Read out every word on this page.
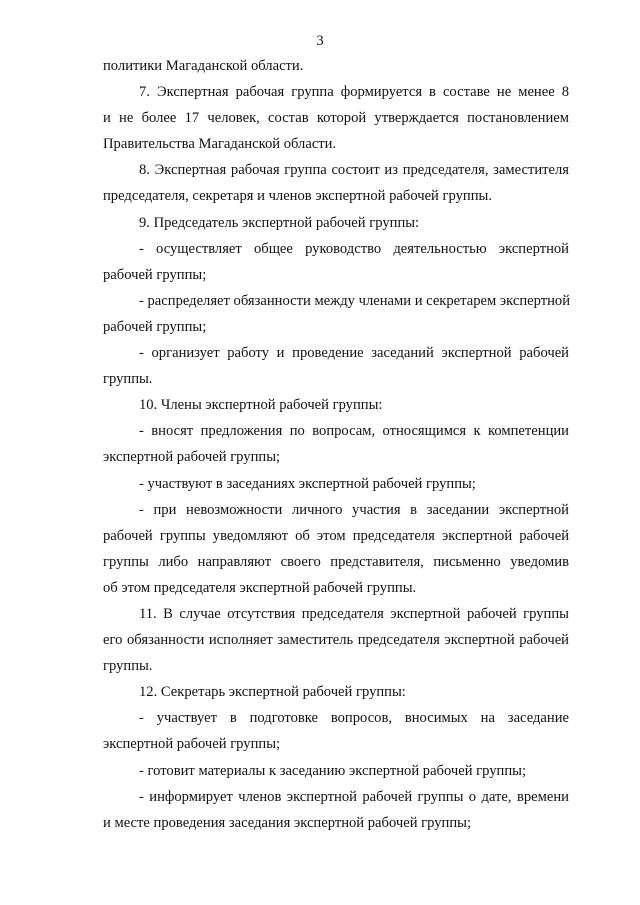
3
политики Магаданской области.
7. Экспертная рабочая группа формируется в составе не менее 8
и не более 17 человек, состав которой утверждается постановлением
Правительства Магаданской области.
8. Экспертная рабочая группа состоит из председателя, заместителя
председателя, секретаря и членов экспертной рабочей группы.
9. Председатель экспертной рабочей группы:
- осуществляет общее руководство деятельностью экспертной
рабочей группы;
- распределяет обязанности между членами и секретарем экспертной
рабочей группы;
- организует работу и проведение заседаний экспертной рабочей
группы.
10. Члены экспертной рабочей группы:
- вносят предложения по вопросам, относящимся к компетенции
экспертной рабочей группы;
- участвуют в заседаниях экспертной рабочей группы;
- при невозможности личного участия в заседании экспертной
рабочей группы уведомляют об этом председателя экспертной рабочей
группы либо направляют своего представителя, письменно уведомив
об этом председателя экспертной рабочей группы.
11. В случае отсутствия председателя экспертной рабочей группы
его обязанности исполняет заместитель председателя экспертной рабочей
группы.
12. Секретарь экспертной рабочей группы:
- участвует в подготовке вопросов, вносимых на заседание
экспертной рабочей группы;
- готовит материалы к заседанию экспертной рабочей группы;
- информирует членов экспертной рабочей группы о дате, времени
и месте проведения заседания экспертной рабочей группы;
